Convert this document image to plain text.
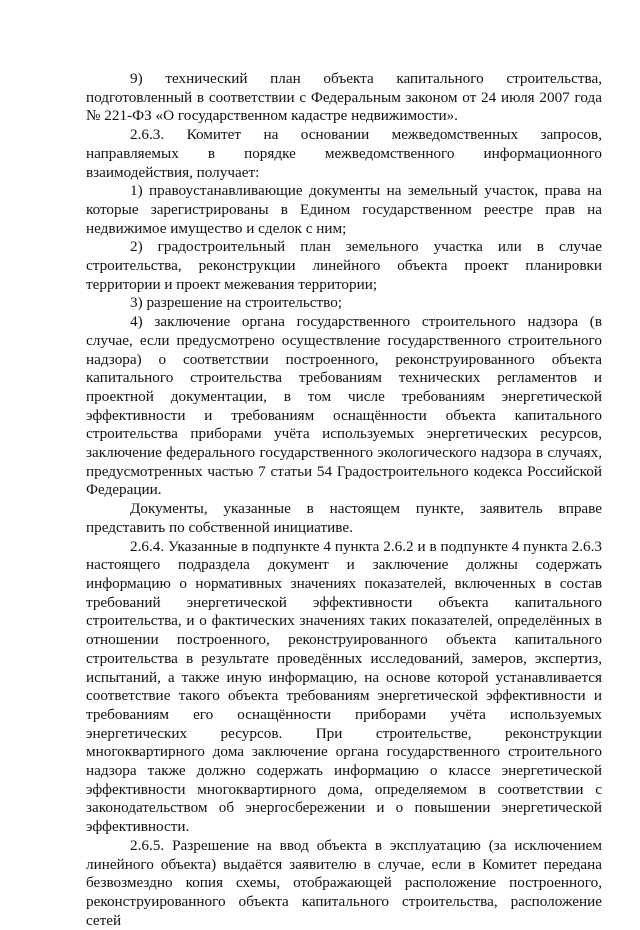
9) технический план объекта капитального строительства, подготовленный в соответствии с Федеральным законом от 24 июля 2007 года № 221-ФЗ «О государственном кадастре недвижимости».

2.6.3. Комитет на основании межведомственных запросов, направляемых в порядке межведомственного информационного взаимодействия, получает:

1) правоустанавливающие документы на земельный участок, права на которые зарегистрированы в Едином государственном реестре прав на недвижимое имущество и сделок с ним;

2) градостроительный план земельного участка или в случае строительства, реконструкции линейного объекта проект планировки территории и проект межевания территории;

3) разрешение на строительство;

4) заключение органа государственного строительного надзора (в случае, если предусмотрено осуществление государственного строительного надзора) о соответствии построенного, реконструированного объекта капитального строительства требованиям технических регламентов и проектной документации, в том числе требованиям энергетической эффективности и требованиям оснащённости объекта капитального строительства приборами учёта используемых энергетических ресурсов, заключение федерального государственного экологического надзора в случаях, предусмотренных частью 7 статьи 54 Градостроительного кодекса Российской Федерации.

Документы, указанные в настоящем пункте, заявитель вправе представить по собственной инициативе.

2.6.4. Указанные в подпункте 4 пункта 2.6.2 и в подпункте 4 пункта 2.6.3 настоящего подраздела документ и заключение должны содержать информацию о нормативных значениях показателей, включенных в состав требований энергетической эффективности объекта капитального строительства, и о фактических значениях таких показателей, определённых в отношении построенного, реконструированного объекта капитального строительства в результате проведённых исследований, замеров, экспертиз, испытаний, а также иную информацию, на основе которой устанавливается соответствие такого объекта требованиям энергетической эффективности и требованиям его оснащённости приборами учёта используемых энергетических ресурсов. При строительстве, реконструкции многоквартирного дома заключение органа государственного строительного надзора также должно содержать информацию о классе энергетической эффективности многоквартирного дома, определяемом в соответствии с законодательством об энергосбережении и о повышении энергетической эффективности.

2.6.5. Разрешение на ввод объекта в эксплуатацию (за исключением линейного объекта) выдаётся заявителю в случае, если в Комитет передана безвозмездно копия схемы, отображающей расположение построенного, реконструированного объекта капитального строительства, расположение сетей
